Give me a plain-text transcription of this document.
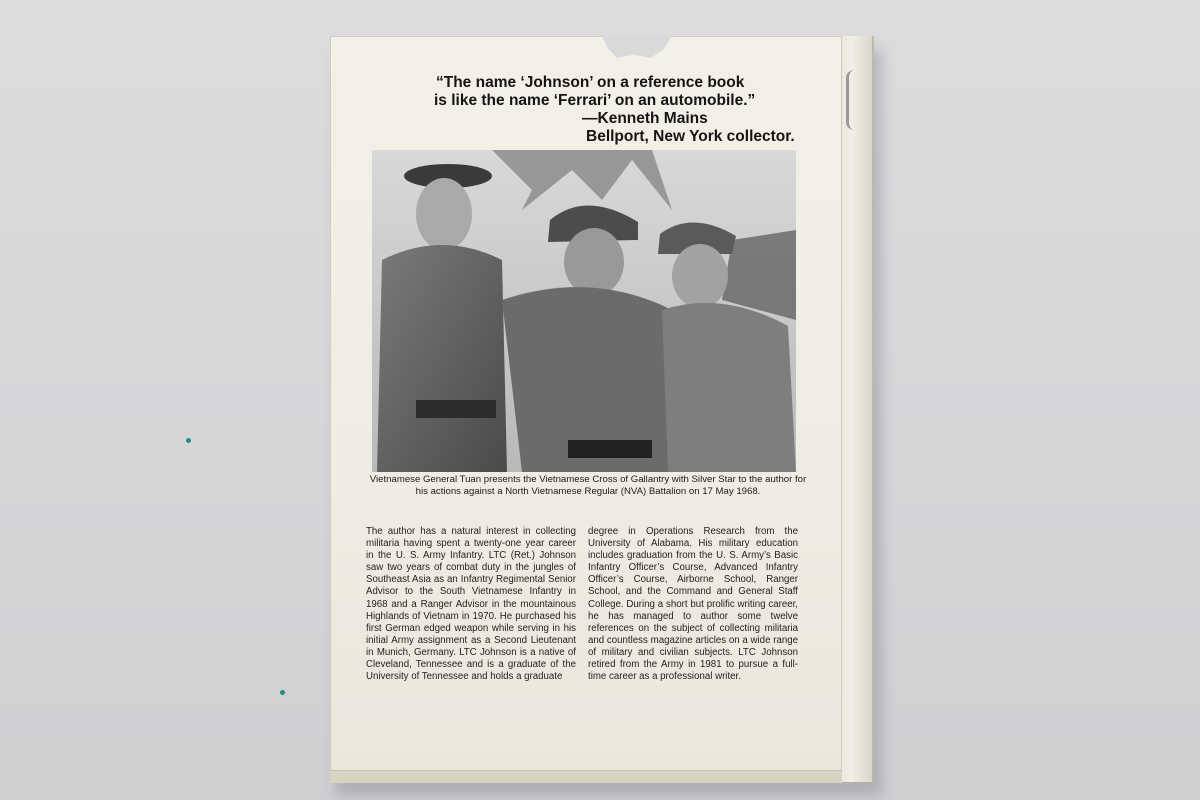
“The name ‘Johnson’ on a reference book
is like the name ‘Ferrari’ on an automobile.”
—Kenneth Mains
Bellport, New York collector.
Vietnamese General Tuan presents the Vietnamese Cross of Gallantry with Silver Star to the author for his actions against a North Vietnamese Regular (NVA) Battalion on 17 May 1968.
The author has a natural interest in collecting militaria having spent a twenty-one year career in the U. S. Army Infantry. LTC (Ret.) Johnson saw two years of combat duty in the jungles of Southeast Asia as an Infantry Regimental Senior Advisor to the South Vietnamese Infantry in 1968 and a Ranger Advisor in the mountainous Highlands of Vietnam in 1970. He purchased his first German edged weapon while serving in his initial Army assignment as a Second Lieutenant in Munich, Germany. LTC Johnson is a native of Cleveland, Tennessee and is a graduate of the University of Tennessee and holds a graduate
degree in Operations Research from the University of Alabama. His military education includes graduation from the U. S. Army’s Basic Infantry Officer’s Course, Advanced Infantry Officer’s Course, Airborne School, Ranger School, and the Command and General Staff College. During a short but prolific writing career, he has managed to author some twelve references on the subject of collecting militaria and countless magazine articles on a wide range of military and civilian subjects. LTC Johnson retired from the Army in 1981 to pursue a full-time career as a professional writer.
